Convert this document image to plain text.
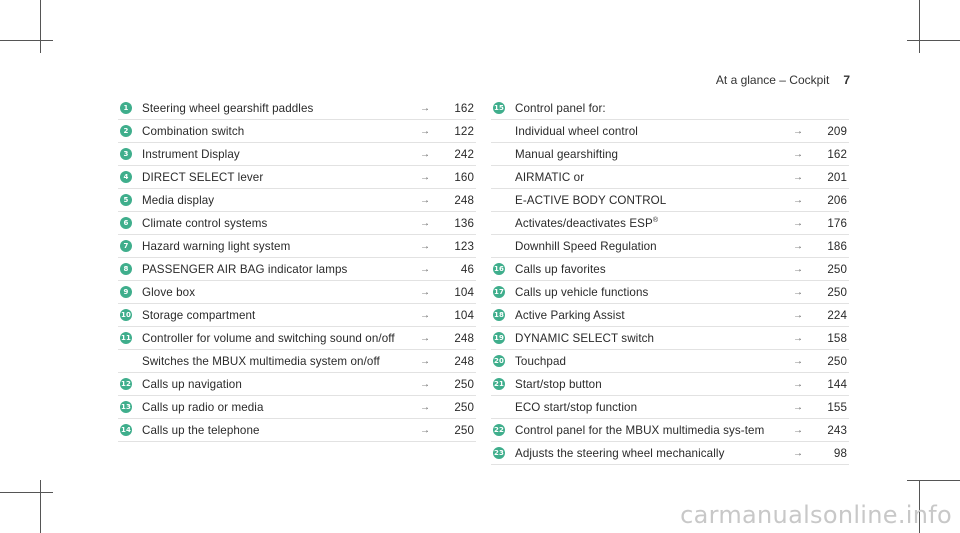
At a glance – Cockpit 7
1	Steering wheel gearshift paddles	→	162
2	Combination switch	→	122
3	Instrument Display	→	242
4	DIRECT SELECT lever	→	160
5	Media display	→	248
6	Climate control systems	→	136
7	Hazard warning light system	→	123
8	PASSENGER AIR BAG indicator lamps	→	46
9	Glove box	→	104
10 Storage compartment	→	104
11 Controller for volume and switching sound on/off	→	248
Switches the MBUX multimedia system on/off	→	248
12 Calls up navigation	→	250
13 Calls up radio or media	→	250
14 Calls up the telephone	→	250
15 Control panel for:
Individual wheel control	→	209
Manual gearshifting	→	162
AIRMATIC or	→	201
E-ACTIVE BODY CONTROL	→	206
Activates/deactivates ESP®	→	176
Downhill Speed Regulation	→	186
16 Calls up favorites	→	250
17 Calls up vehicle functions	→	250
18 Active Parking Assist	→	224
19 DYNAMIC SELECT switch	→	158
20 Touchpad	→	250
21 Start/stop button	→	144
ECO start/stop function	→	155
22 Control panel for the MBUX multimedia sys-tem	→	243
23 Adjusts the steering wheel mechanically	→	98
carmanualsonline.info
